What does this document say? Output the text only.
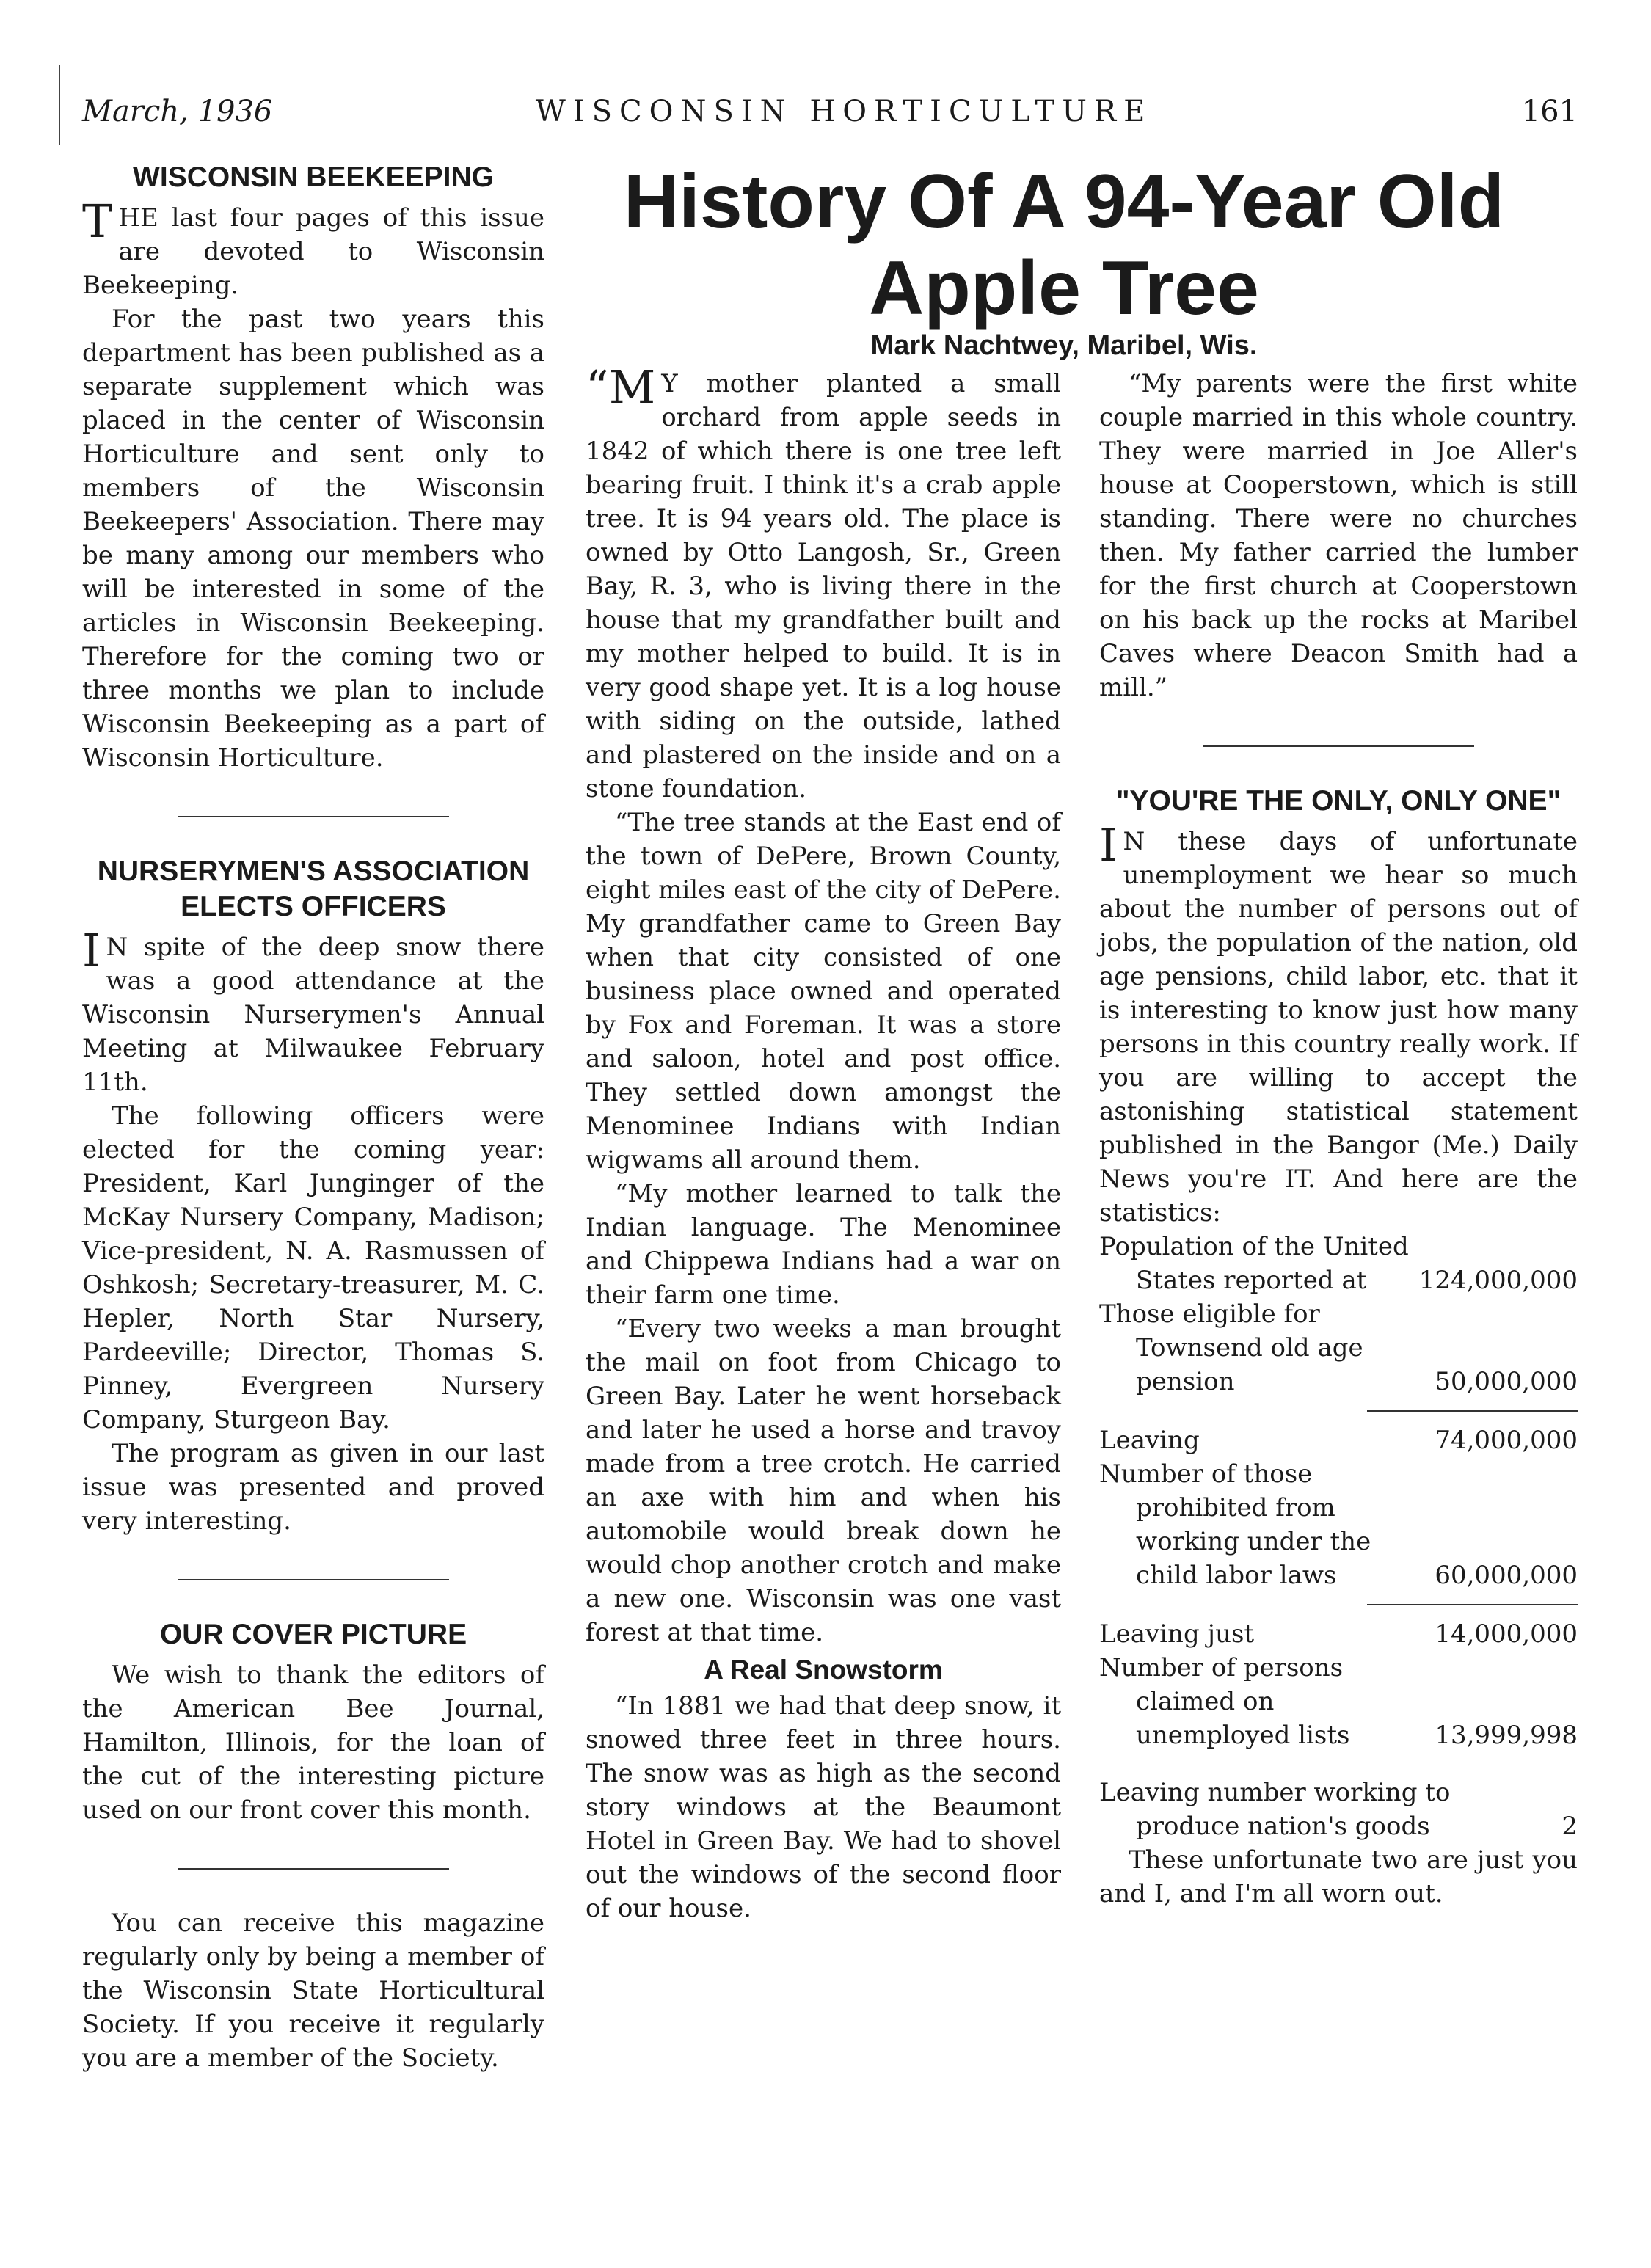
March, 1936	WISCONSIN HORTICULTURE	161
WISCONSIN BEEKEEPING

THE last four pages of this issue are devoted to Wisconsin Beekeeping.

For the past two years this department has been published as a separate supplement which was placed in the center of Wisconsin Horticulture and sent only to members of the Wisconsin Beekeepers' Association. There may be many among our members who will be interested in some of the articles in Wisconsin Beekeeping. Therefore for the coming two or three months we plan to include Wisconsin Beekeeping as a part of Wisconsin Horticulture.

NURSERYMEN'S ASSOCIATION ELECTS OFFICERS

I N spite of the deep snow there was a good attendance at the Wisconsin Nurserymen's Annual Meeting at Milwaukee February 11th.

The following officers were elected for the coming year: President, Karl Junginger of the McKay Nursery Company, Madison; Vice-president, N. A. Rasmussen of Oshkosh; Secretary-treasurer, M. C. Hepler, North Star Nursery, Pardeeville; Director, Thomas S. Pinney, Evergreen Nursery Company, Sturgeon Bay.

The program as given in our last issue was presented and proved very interesting.

OUR COVER PICTURE

We wish to thank the editors of the American Bee Journal, Hamilton, Illinois, for the loan of the cut of the interesting picture used on our front cover this month.

You can receive this magazine regularly only by being a member of the Wisconsin State Horticultural Society. If you receive it regularly you are a member of the Society.

History Of A 94-Year Old Apple Tree
Mark Nachtwey, Maribel, Wis.

“M Y mother planted a small orchard from apple seeds in 1842 of which there is one tree left bearing fruit. I think it's a crab apple tree. It is 94 years old. The place is owned by Otto Langosh, Sr., Green Bay, R. 3, who is living there in the house that my grandfather built and my mother helped to build. It is in very good shape yet. It is a log house with siding on the outside, lathed and plastered on the inside and on a stone foundation.

“The tree stands at the East end of the town of DePere, Brown County, eight miles east of the city of DePere. My grandfather came to Green Bay when that city consisted of one business place owned and operated by Fox and Foreman. It was a store and saloon, hotel and post office. They settled down amongst the Menominee Indians with Indian wigwams all around them.

“My mother learned to talk the Indian language. The Menominee and Chippewa Indians had a war on their farm one time.

“Every two weeks a man brought the mail on foot from Chicago to Green Bay. Later he went horseback and later he used a horse and travoy made from a tree crotch. He carried an axe with him and when his automobile would break down he would chop another crotch and make a new one. Wisconsin was one vast forest at that time.

A Real Snowstorm

“In 1881 we had that deep snow, it snowed three feet in three hours. The snow was as high as the second story windows at the Beaumont Hotel in Green Bay. We had to shovel out the windows of the second floor of our house.

“My parents were the first white couple married in this whole country. They were married in Joe Aller's house at Cooperstown, which is still standing. There were no churches then. My father carried the lumber for the first church at Cooperstown on his back up the rocks at Maribel Caves where Deacon Smith had a mill.”

"YOU'RE THE ONLY, ONLY ONE"

I N these days of unfortunate unemployment we hear so much about the number of persons out of jobs, the population of the nation, old age pensions, child labor, etc. that it is interesting to know just how many persons in this country really work. If you are willing to accept the astonishing statistical statement published in the Bangor (Me.) Daily News you're IT. And here are the statistics:

Population of the United States reported at	124,000,000
Those eligible for Townsend old age pension	50,000,000
Leaving	74,000,000
Number of those prohibited from working under the child labor laws	60,000,000
Leaving just	14,000,000
Number of persons claimed on unemployed lists	13,999,998
Leaving number working to produce nation's goods	2

These unfortunate two are just you and I, and I'm all worn out.
